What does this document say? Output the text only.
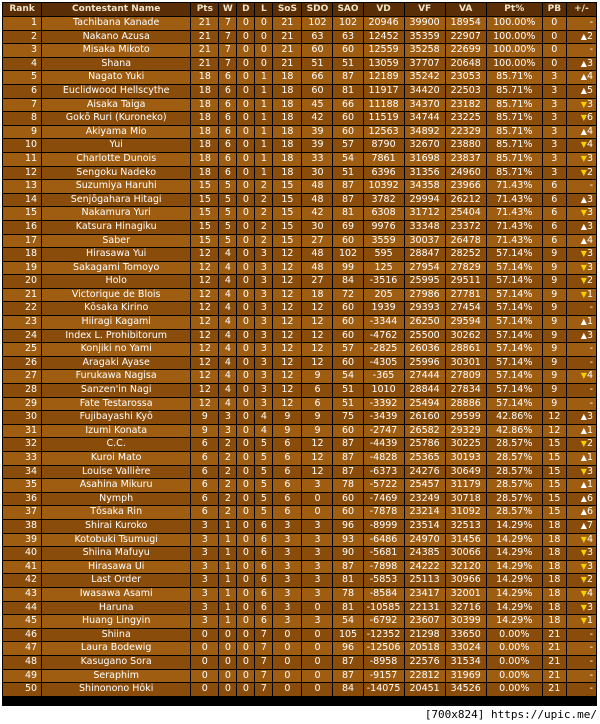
Rank	Contestant Name	Pts	W	D	L	SoS	SDO	SAO	VD	VF	VA	Pt%	PB	+/-
1	Tachibana Kanade	21	7	0	0	21	102	102	20946	39900	18954	100.00%	0	-
2	Nakano Azusa	21	7	0	0	21	63	63	12452	35359	22907	100.00%	0	▲2
3	Misaka Mikoto	21	7	0	0	21	60	60	12559	35258	22699	100.00%	0	-
4	Shana	21	7	0	0	21	51	51	13059	37707	20648	100.00%	0	▲3
5	Nagato Yuki	18	6	0	1	18	66	87	12189	35242	23053	85.71%	3	▲4
6	Euclidwood Hellscythe	18	6	0	1	18	60	81	11917	34420	22503	85.71%	3	▲5
7	Aisaka Taiga	18	6	0	1	18	45	66	11188	34370	23182	85.71%	3	▼3
8	Gokō Ruri (Kuroneko)	18	6	0	1	18	42	60	11519	34744	23225	85.71%	3	▼6
9	Akiyama Mio	18	6	0	1	18	39	60	12563	34892	22329	85.71%	3	▲4
10	Yui	18	6	0	1	18	39	57	8790	32670	23880	85.71%	3	▼4
11	Charlotte Dunois	18	6	0	1	18	33	54	7861	31698	23837	85.71%	3	▼3
12	Sengoku Nadeko	18	6	0	1	18	30	51	6396	31356	24960	85.71%	3	▼2
13	Suzumiya Haruhi	15	5	0	2	15	48	87	10392	34358	23966	71.43%	6	-
14	Senjōgahara Hitagi	15	5	0	2	15	48	87	3782	29994	26212	71.43%	6	▲3
15	Nakamura Yuri	15	5	0	2	15	42	81	6308	31712	25404	71.43%	6	▼3
16	Katsura Hinagiku	15	5	0	2	15	30	69	9976	33348	23372	71.43%	6	▲3
17	Saber	15	5	0	2	15	27	60	3559	30037	26478	71.43%	6	▲4
18	Hirasawa Yui	12	4	0	3	12	48	102	595	28847	28252	57.14%	9	▼3
19	Sakagami Tomoyo	12	4	0	3	12	48	99	125	27954	27829	57.14%	9	▼3
20	Holo	12	4	0	3	12	27	84	-3516	25995	29511	57.14%	9	▼2
21	Victorique de Blois	12	4	0	3	12	18	72	205	27986	27781	57.14%	9	▼1
22	Kōsaka Kirino	12	4	0	3	12	12	60	1939	29393	27454	57.14%	9	-
23	Hiiragi Kagami	12	4	0	3	12	12	60	-3344	26250	29594	57.14%	9	▲1
24	Index L. Prohibitorum	12	4	0	3	12	12	60	-4762	25500	30262	57.14%	9	▲3
25	Konjiki no Yami	12	4	0	3	12	12	57	-2825	26036	28861	57.14%	9	-
26	Aragaki Ayase	12	4	0	3	12	12	60	-4305	25996	30301	57.14%	9	-
27	Furukawa Nagisa	12	4	0	3	12	9	54	-365	27444	27809	57.14%	9	▼4
28	Sanzen'in Nagi	12	4	0	3	12	6	51	1010	28844	27834	57.14%	9	-
29	Fate Testarossa	12	4	0	3	12	6	51	-3392	25494	28886	57.14%	9	-
30	Fujibayashi Kyō	9	3	0	4	9	9	75	-3439	26160	29599	42.86%	12	▲3
31	Izumi Konata	9	3	0	4	9	9	60	-2747	26582	29329	42.86%	12	▲1
32	C.C.	6	2	0	5	6	12	87	-4439	25786	30225	28.57%	15	▼2
33	Kuroi Mato	6	2	0	5	6	12	87	-4828	25365	30193	28.57%	15	▲1
34	Louise Vallière	6	2	0	5	6	12	87	-6373	24276	30649	28.57%	15	▼3
35	Asahina Mikuru	6	2	0	5	6	3	78	-5722	25457	31179	28.57%	15	▲1
36	Nymph	6	2	0	5	6	0	60	-7469	23249	30718	28.57%	15	▲6
37	Tōsaka Rin	6	2	0	5	6	0	60	-7878	23214	31092	28.57%	15	▲6
38	Shirai Kuroko	3	1	0	6	3	3	96	-8999	23514	32513	14.29%	18	▲7
39	Kotobuki Tsumugi	3	1	0	6	3	3	93	-6486	24970	31456	14.29%	18	▼4
40	Shiina Mafuyu	3	1	0	6	3	3	90	-5681	24385	30066	14.29%	18	▼3
41	Hirasawa Ui	3	1	0	6	3	3	87	-7898	24222	32120	14.29%	18	▼3
42	Last Order	3	1	0	6	3	3	81	-5853	25113	30966	14.29%	18	▼2
43	Iwasawa Asami	3	1	0	6	3	3	78	-8584	23417	32001	14.29%	18	▼4
44	Haruna	3	1	0	6	3	0	81	-10585	22131	32716	14.29%	18	▼3
45	Huang Lingyin	3	1	0	6	3	3	54	-6792	23607	30399	14.29%	18	▼1
46	Shiina	0	0	0	7	0	0	105	-12352	21298	33650	0.00%	21	-
47	Laura Bodewig	0	0	0	7	0	0	96	-12506	20518	33024	0.00%	21	-
48	Kasugano Sora	0	0	0	7	0	0	87	-8958	22576	31534	0.00%	21	-
49	Seraphim	0	0	0	7	0	0	87	-9157	22812	31969	0.00%	21	-
50	Shinonono Hōki	0	0	0	7	0	0	84	-14075	20451	34526	0.00%	21	-
[700x824] https://upic.me/
